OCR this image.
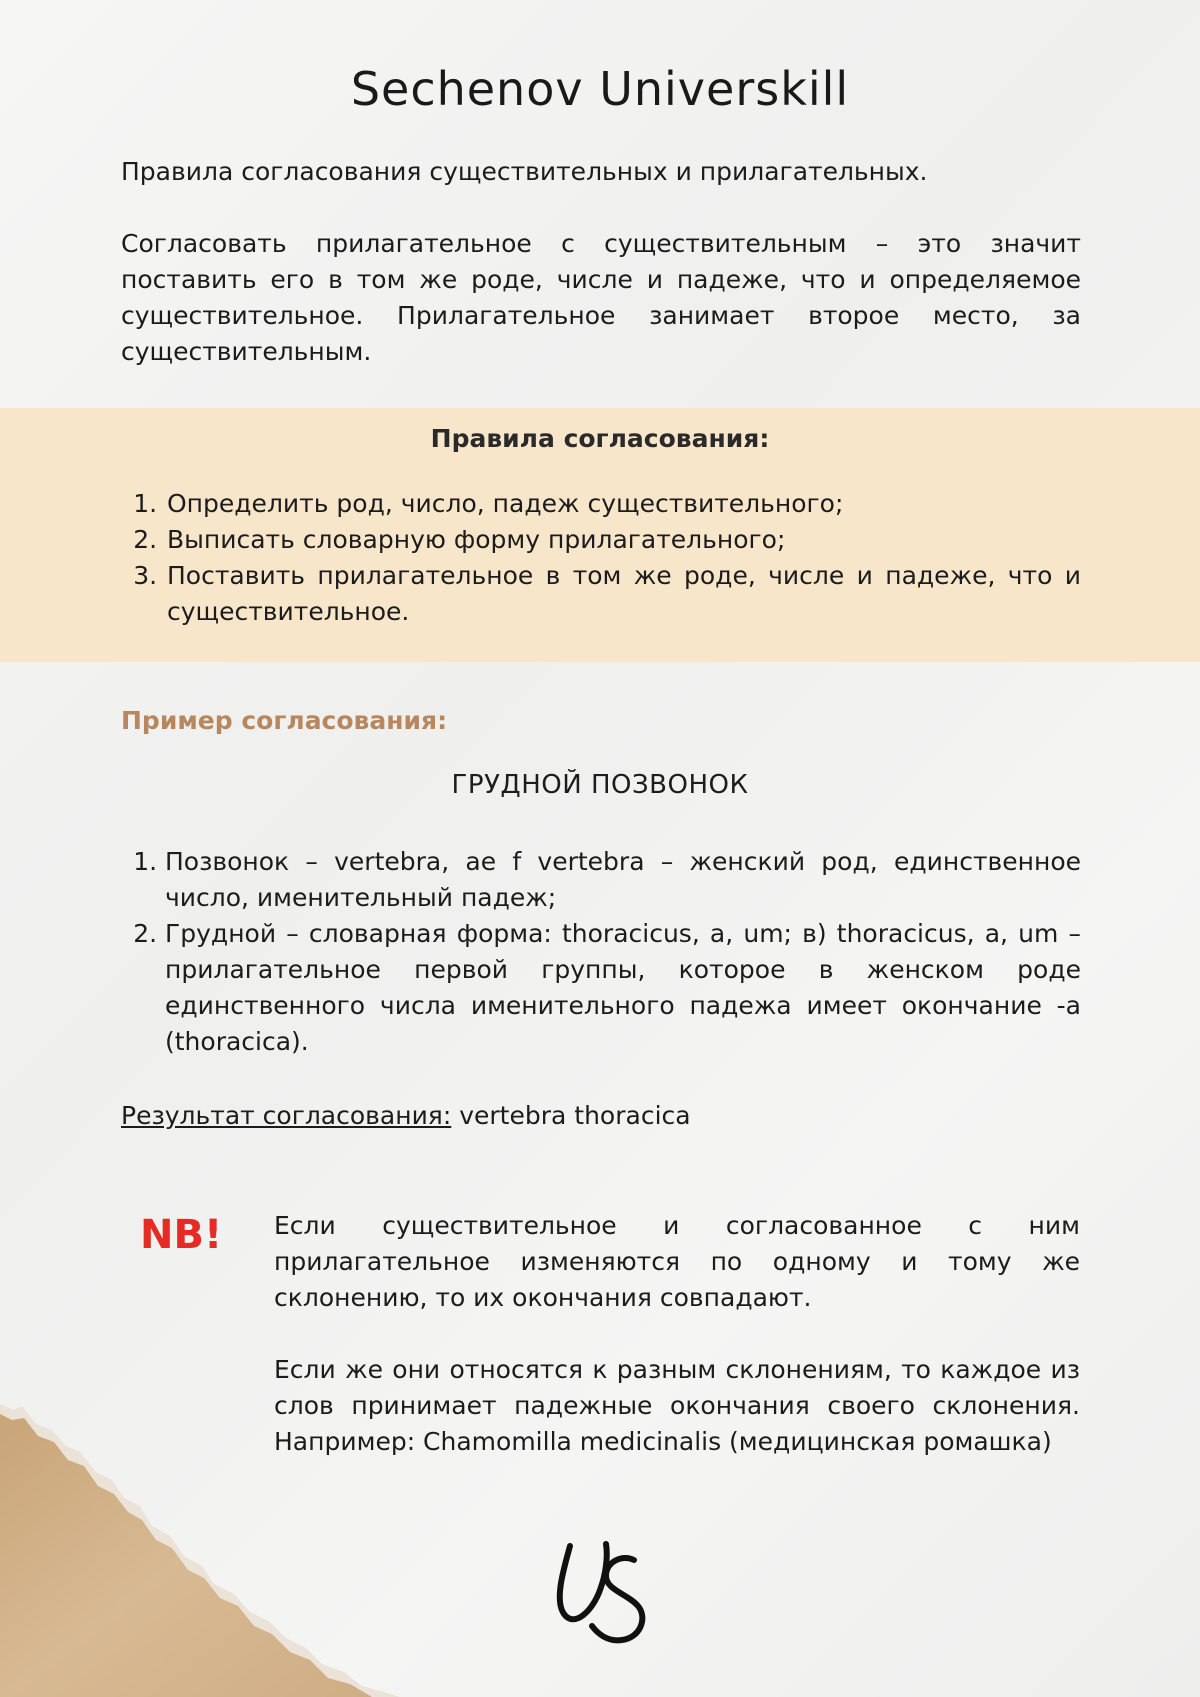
Sechenov Universkill
Правила согласования существительных и прилагательных.
Согласовать прилагательное с существительным – это значит поставить его в том же роде, числе и падеже, что и определяемое существительное. Прилагательное занимает второе место, за существительным.
Правила согласования:
1. Определить род, число, падеж существительного;
2. Выписать словарную форму прилагательного;
3. Поставить прилагательное в том же роде, числе и падеже, что и существительное.
Пример согласования:
ГРУДНОЙ ПОЗВОНОК
1. Позвонок – vertebra, ae f vertebra – женский род, единственное число, именительный падеж;
2. Грудной – словарная форма: thoracicus, a, um; в) thoracicus, a, um – прилагательное первой группы, которое в женском роде единственного числа именительного падежа имеет окончание -a (thoracica).
Результат согласования: vertebra thoracica
NB! Если существительное и согласованное с ним прилагательное изменяются по одному и тому же склонению, то их окончания совпадают.
Если же они относятся к разным склонениям, то каждое из слов принимает падежные окончания своего склонения. Например: Chamomilla medicinalis (медицинская ромашка)
